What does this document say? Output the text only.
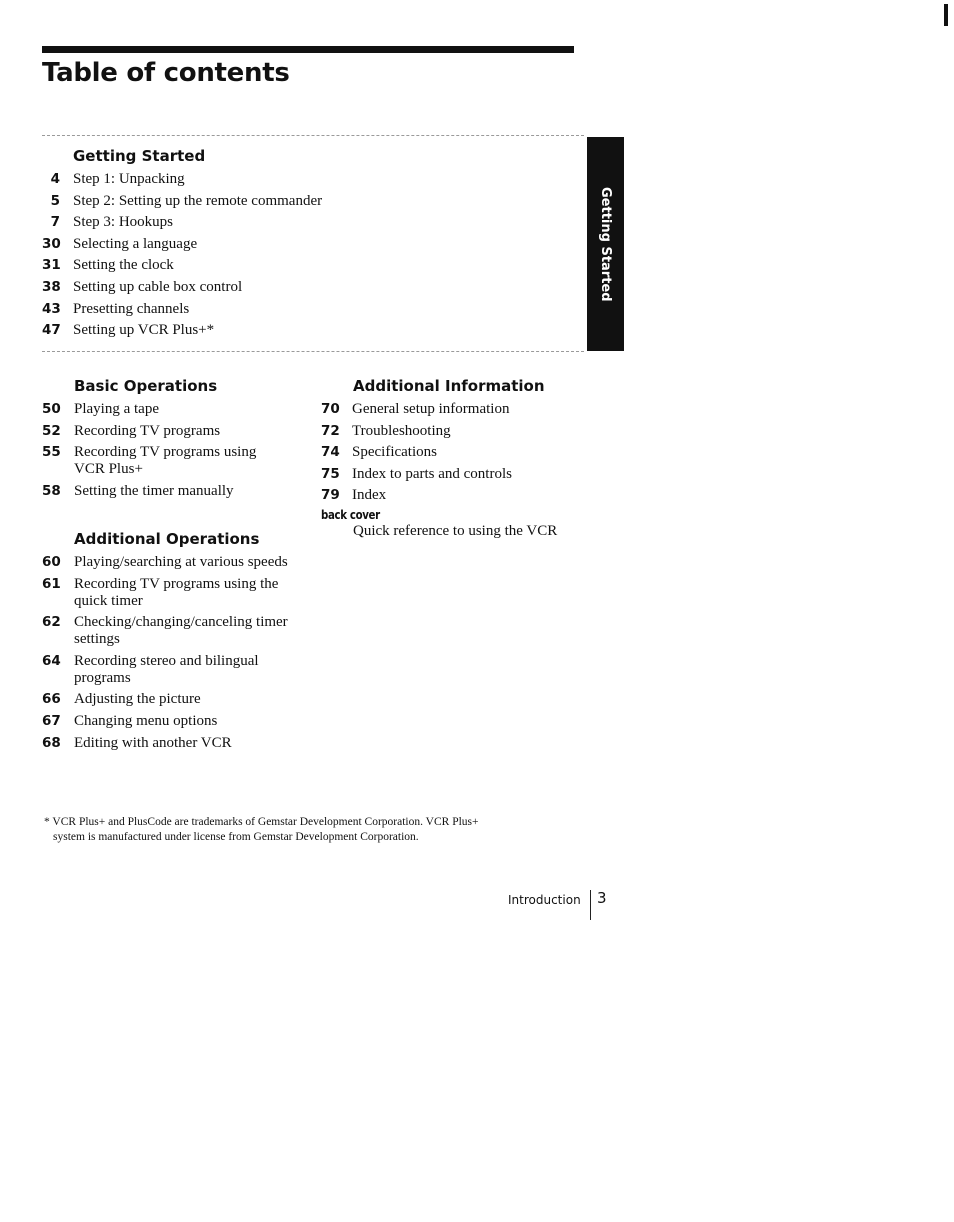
Table of contents
Getting Started
Getting Started
4 Step 1: Unpacking
5 Step 2: Setting up the remote commander
7 Step 3: Hookups
30 Selecting a language
31 Setting the clock
38 Setting up cable box control
43 Presetting channels
47 Setting up VCR Plus+*
Basic Operations
50 Playing a tape
52 Recording TV programs
55 Recording TV programs using VCR Plus+
58 Setting the timer manually
Additional Operations
60 Playing/searching at various speeds
61 Recording TV programs using the quick timer
62 Checking/changing/canceling timer settings
64 Recording stereo and bilingual programs
66 Adjusting the picture
67 Changing menu options
68 Editing with another VCR
Additional Information
70 General setup information
72 Troubleshooting
74 Specifications
75 Index to parts and controls
79 Index
back cover
Quick reference to using the VCR
* VCR Plus+ and PlusCode are trademarks of Gemstar Development Corporation. VCR Plus+
system is manufactured under license from Gemstar Development Corporation.
Introduction 3
